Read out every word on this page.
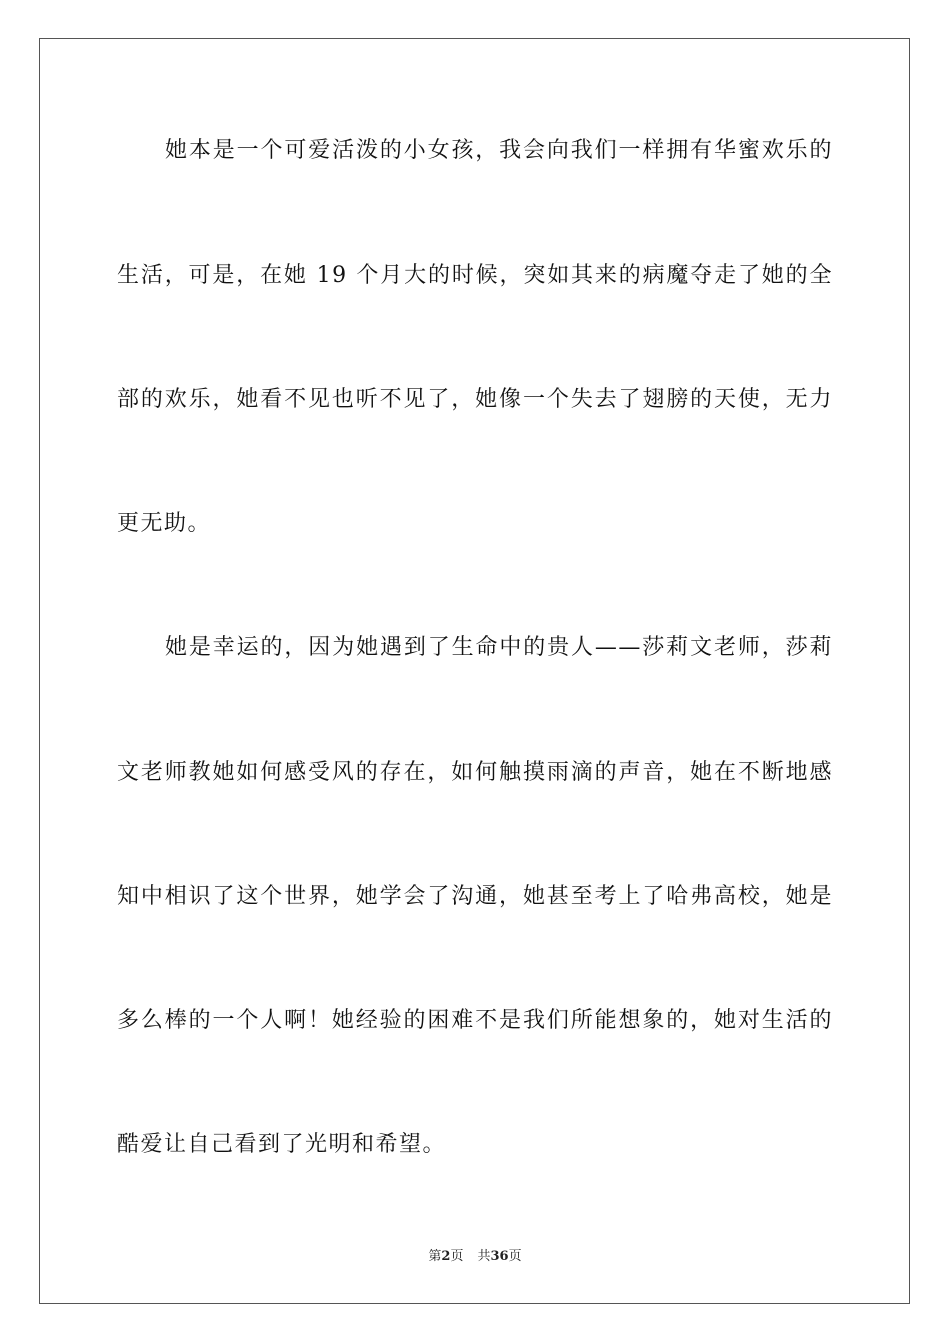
她本是一个可爱活泼的小女孩，我会向我们一样拥有华蜜欢乐的
生活，可是，在她 19 个月大的时候，突如其来的病魔夺走了她的全
部的欢乐，她看不见也听不见了，她像一个失去了翅膀的天使，无力
更无助。
她是幸运的，因为她遇到了生命中的贵人——莎莉文老师，莎莉
文老师教她如何感受风的存在，如何触摸雨滴的声音，她在不断地感
知中相识了这个世界，她学会了沟通，她甚至考上了哈弗高校，她是
多么棒的一个人啊！她经验的困难不是我们所能想象的，她对生活的
酷爱让自己看到了光明和希望。
第2页 共36页
